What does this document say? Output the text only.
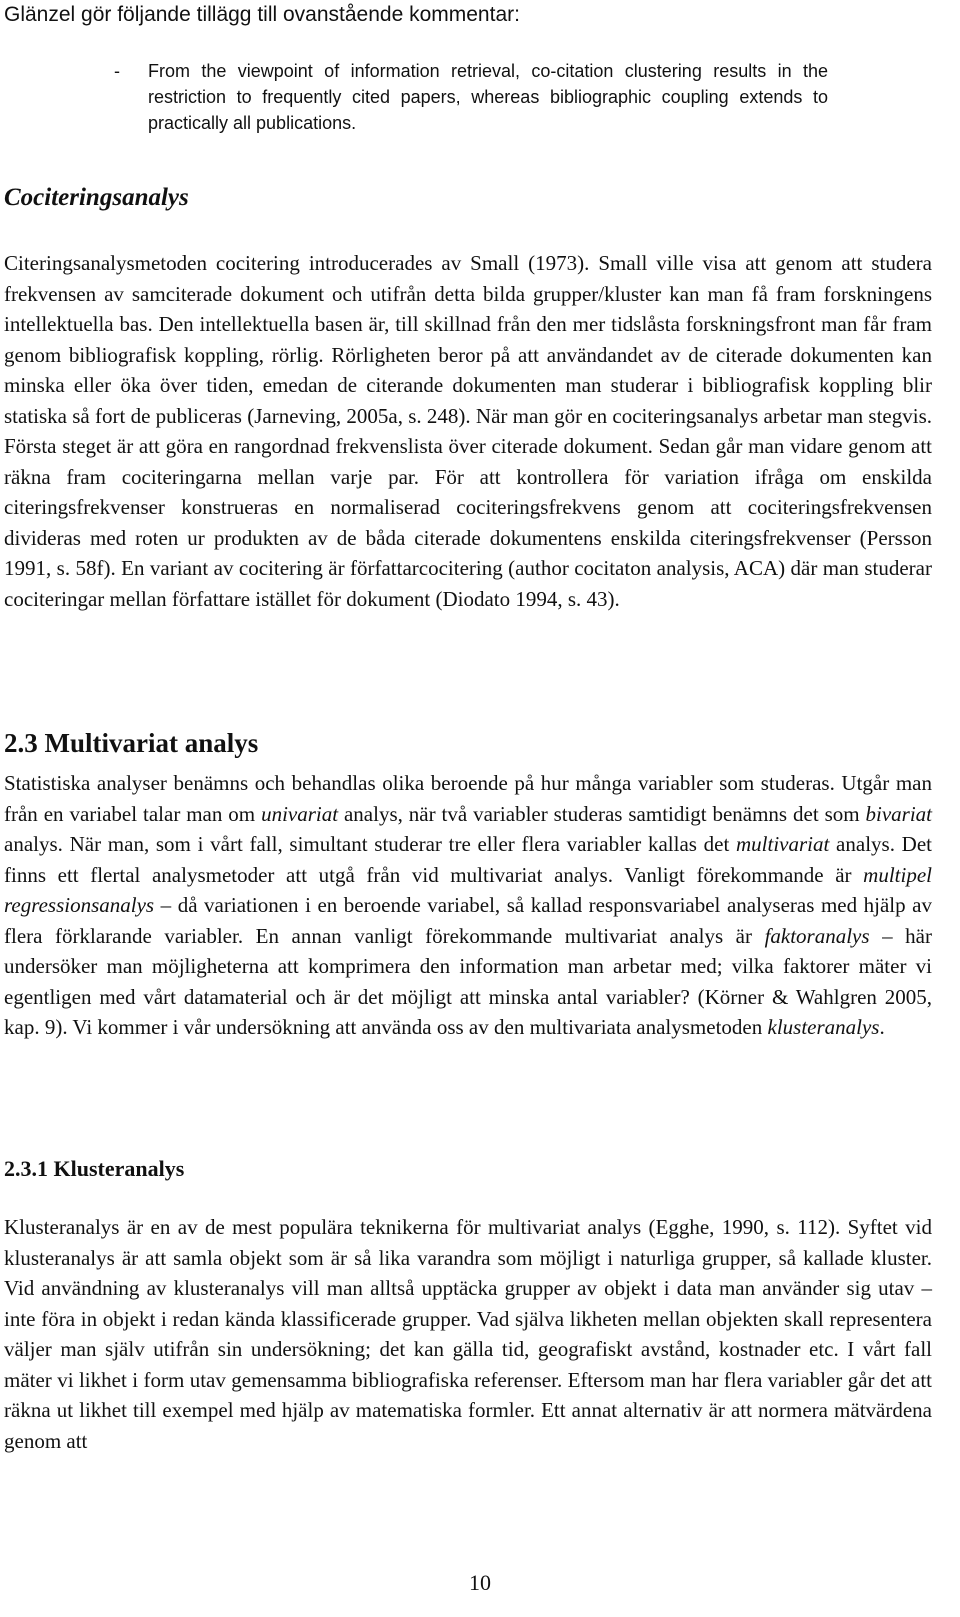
Glänzel gör följande tillägg till ovanstående kommentar:

- From the viewpoint of information retrieval, co-citation clustering results in the restriction to frequently cited papers, whereas bibliographic coupling extends to practically all publications.
Cociteringsanalys

Citeringsanalysmetoden cocitering introducerades av Small (1973). Small ville visa att genom att studera frekvensen av samciterade dokument och utifrån detta bilda grupper/kluster kan man få fram forskningens intellektuella bas. Den intellektuella basen är, till skillnad från den mer tidslåsta forskningsfront man får fram genom bibliografisk koppling, rörlig. Rörligheten beror på att användandet av de citerade dokumenten kan minska eller öka över tiden, emedan de citerande dokumenten man studerar i bibliografisk koppling blir statiska så fort de publiceras (Jarneving, 2005a, s. 248). När man gör en cociteringsanalys arbetar man stegvis. Första steget är att göra en rangordnad frekvenslista över citerade dokument. Sedan går man vidare genom att räkna fram cociteringarna mellan varje par. För att kontrollera för variation ifråga om enskilda citeringsfrekvenser konstrueras en normaliserad cociteringsfrekvens genom att cociteringsfrekvensen divideras med roten ur produkten av de båda citerade dokumentens enskilda citeringsfrekvenser (Persson 1991, s. 58f). En variant av cocitering är författarcocitering (author cocitaton analysis, ACA) där man studerar cociteringar mellan författare istället för dokument (Diodato 1994, s. 43).

2.3 Multivariat analys

Statistiska analyser benämns och behandlas olika beroende på hur många variabler som studeras. Utgår man från en variabel talar man om univariat analys, när två variabler studeras samtidigt benämns det som bivariat analys. När man, som i vårt fall, simultant studerar tre eller flera variabler kallas det multivariat analys. Det finns ett flertal analysmetoder att utgå från vid multivariat analys. Vanligt förekommande är multipel regressionsanalys – då variationen i en beroende variabel, så kallad responsvariabel analyseras med hjälp av flera förklarande variabler. En annan vanligt förekommande multivariat analys är faktoranalys – här undersöker man möjligheterna att komprimera den information man arbetar med; vilka faktorer mäter vi egentligen med vårt datamaterial och är det möjligt att minska antal variabler? (Körner & Wahlgren 2005, kap. 9). Vi kommer i vår undersökning att använda oss av den multivariata analysmetoden klusteranalys.

2.3.1 Klusteranalys

Klusteranalys är en av de mest populära teknikerna för multivariat analys (Egghe, 1990, s. 112). Syftet vid klusteranalys är att samla objekt som är så lika varandra som möjligt i naturliga grupper, så kallade kluster. Vid användning av klusteranalys vill man alltså upptäcka grupper av objekt i data man använder sig utav – inte föra in objekt i redan kända klassificerade grupper. Vad själva likheten mellan objekten skall representera väljer man själv utifrån sin undersökning; det kan gälla tid, geografiskt avstånd, kostnader etc. I vårt fall mäter vi likhet i form utav gemensamma bibliografiska referenser. Eftersom man har flera variabler går det att räkna ut likhet till exempel med hjälp av matematiska formler. Ett annat alternativ är att normera mätvärdena genom att

10
